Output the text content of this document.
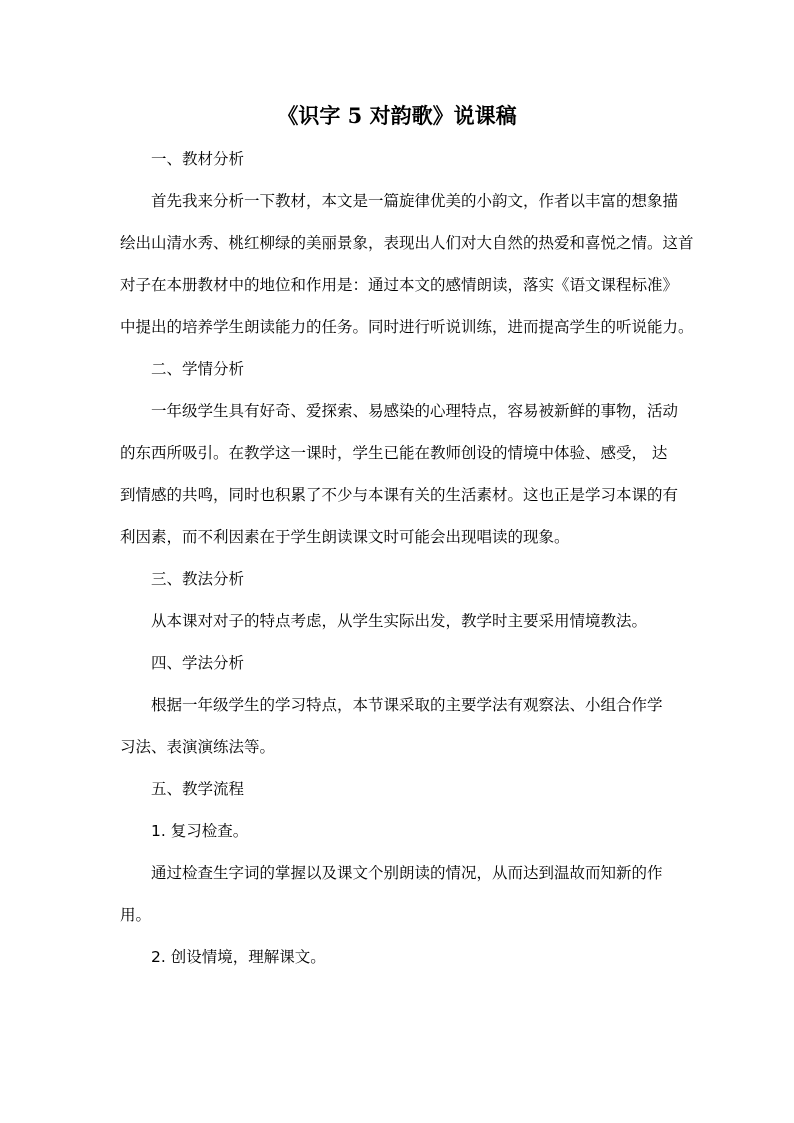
《识字 5 对韵歌》说课稿
一、教材分析
首先我来分析一下教材，本文是一篇旋律优美的小韵文，作者以丰富的想象描
绘出山清水秀、桃红柳绿的美丽景象，表现出人们对大自然的热爱和喜悦之情。这首
对子在本册教材中的地位和作用是：通过本文的感情朗读，落实《语文课程标准》
中提出的培养学生朗读能力的任务。同时进行听说训练，进而提高学生的听说能力。
二、学情分析
一年级学生具有好奇、爱探索、易感染的心理特点，容易被新鲜的事物，活动
的东西所吸引。在教学这一课时，学生已能在教师创设的情境中体验、感受， 达
到情感的共鸣，同时也积累了不少与本课有关的生活素材。这也正是学习本课的有
利因素，而不利因素在于学生朗读课文时可能会出现唱读的现象。
三、教法分析
从本课对对子的特点考虑，从学生实际出发，教学时主要采用情境教法。
四、学法分析
根据一年级学生的学习特点，本节课采取的主要学法有观察法、小组合作学
习法、表演演练法等。
五、教学流程
1. 复习检查。
通过检查生字词的掌握以及课文个别朗读的情况，从而达到温故而知新的作
用。
2. 创设情境，理解课文。
